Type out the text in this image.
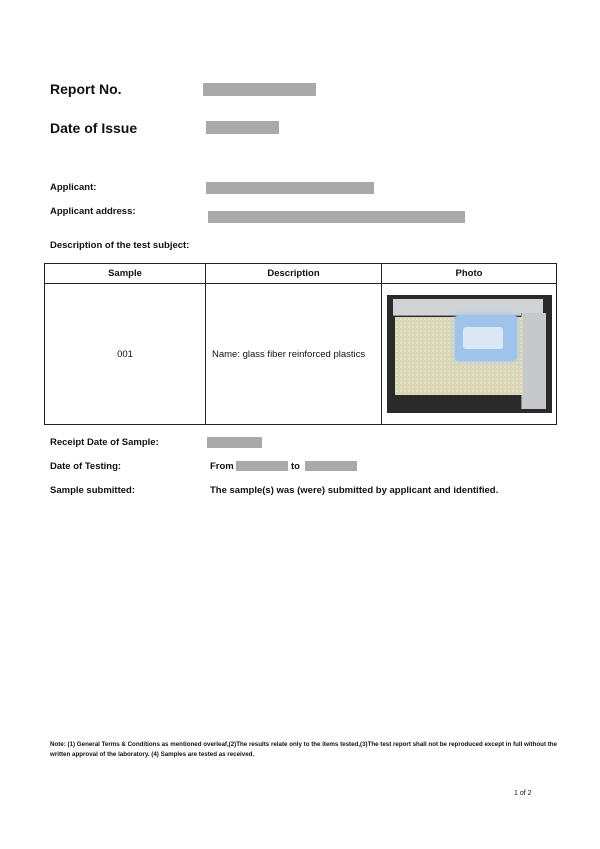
Report No.
Date of Issue
Applicant:
Applicant address:
Description of the test subject:
Sample	Description	Photo
001	Name: glass fiber reinforced plastics	
Receipt Date of Sample:
Date of Testing:	From	to
Sample submitted:	The sample(s) was (were) submitted by applicant and identified.
Note: (1) General Terms & Conditions as mentioned overleaf,(2)The results relate only to the items tested,(3)The test report shall not be reproduced except in full without the written approval of the laboratory. (4) Samples are tested as received.
1 of 2
